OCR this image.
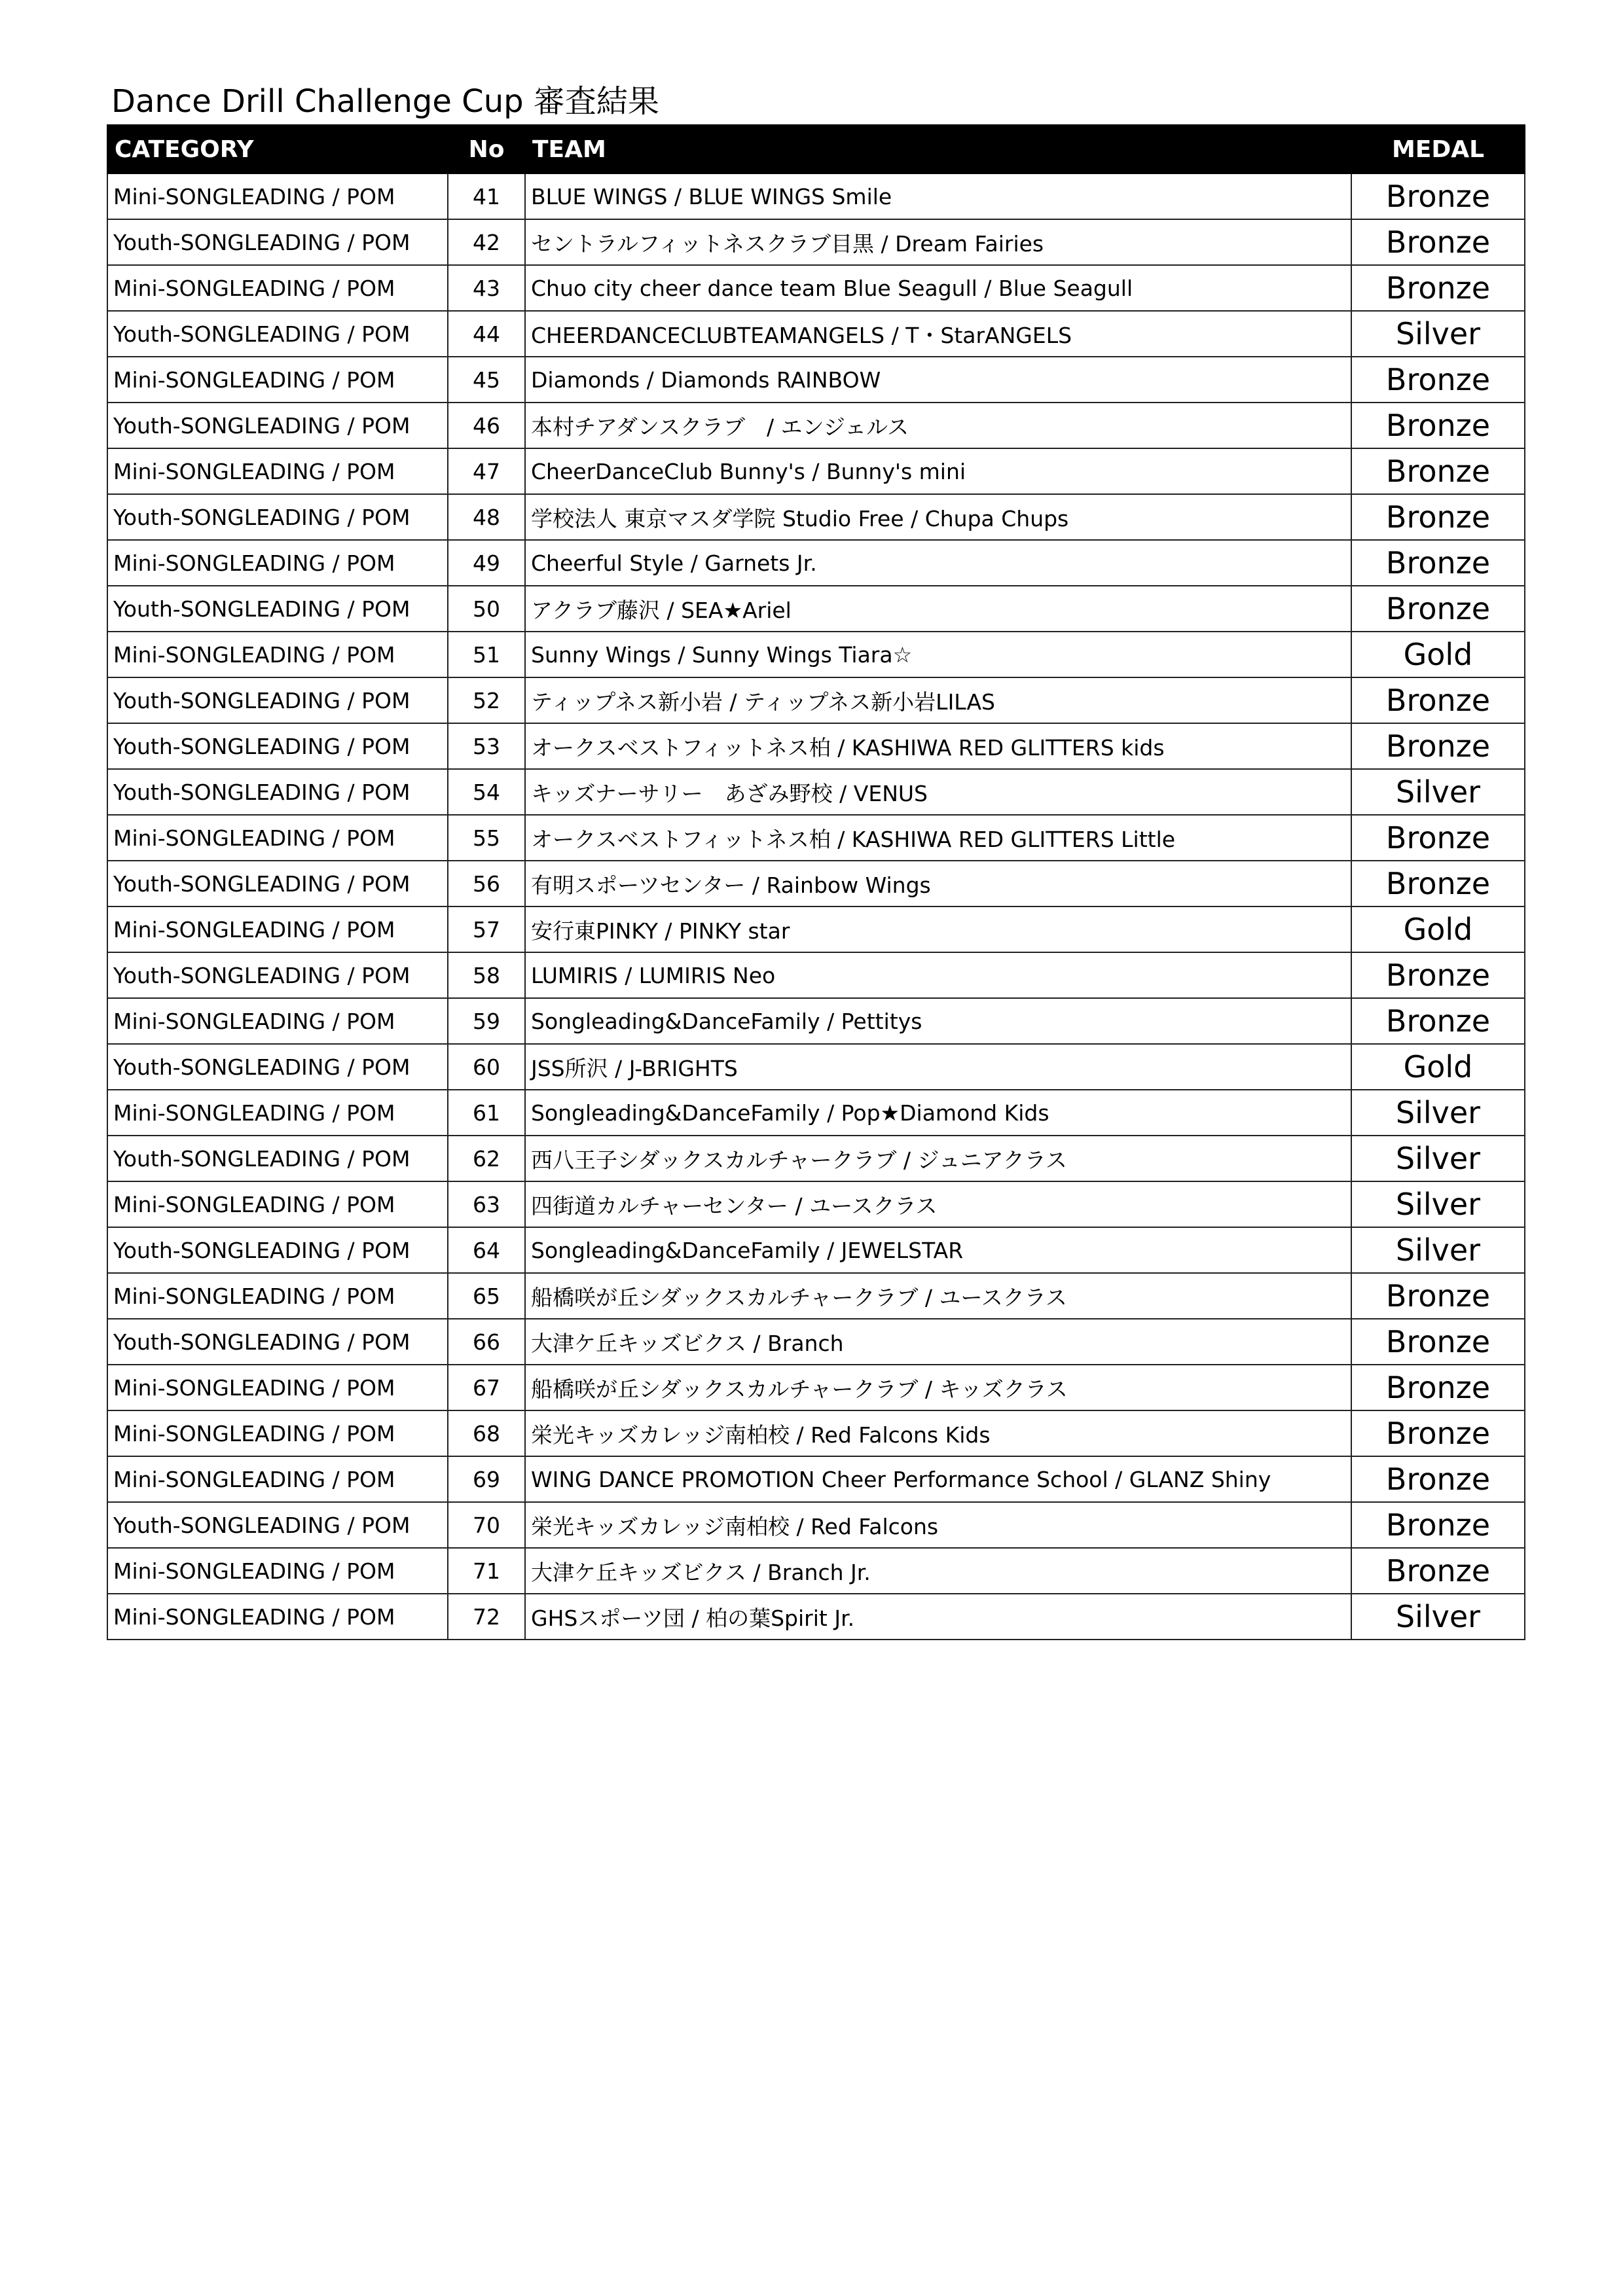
Dance Drill Challenge Cup 審査結果
CATEGORY	No	TEAM	MEDAL
Mini-SONGLEADING / POM	41	BLUE WINGS / BLUE WINGS Smile	Bronze
Youth-SONGLEADING / POM	42	セントラルフィットネスクラブ目黒 / Dream Fairies	Bronze
Mini-SONGLEADING / POM	43	Chuo city cheer dance team Blue Seagull / Blue Seagull	Bronze
Youth-SONGLEADING / POM	44	CHEERDANCECLUBTEAMANGELS / T・StarANGELS	Silver
Mini-SONGLEADING / POM	45	Diamonds / Diamonds RAINBOW	Bronze
Youth-SONGLEADING / POM	46	本村チアダンスクラブ　/ エンジェルス	Bronze
Mini-SONGLEADING / POM	47	CheerDanceClub Bunny's / Bunny's mini	Bronze
Youth-SONGLEADING / POM	48	学校法人 東京マスダ学院 Studio Free / Chupa Chups	Bronze
Mini-SONGLEADING / POM	49	Cheerful Style / Garnets Jr.	Bronze
Youth-SONGLEADING / POM	50	アクラブ藤沢 / SEA★Ariel	Bronze
Mini-SONGLEADING / POM	51	Sunny Wings / Sunny Wings Tiara☆	Gold
Youth-SONGLEADING / POM	52	ティップネス新小岩 / ティップネス新小岩LILAS	Bronze
Youth-SONGLEADING / POM	53	オークスベストフィットネス柏 / KASHIWA RED GLITTERS kids	Bronze
Youth-SONGLEADING / POM	54	キッズナーサリー　あざみ野校 / VENUS	Silver
Mini-SONGLEADING / POM	55	オークスベストフィットネス柏 / KASHIWA RED GLITTERS Little	Bronze
Youth-SONGLEADING / POM	56	有明スポーツセンター / Rainbow Wings	Bronze
Mini-SONGLEADING / POM	57	安行東PINKY / PINKY star	Gold
Youth-SONGLEADING / POM	58	LUMIRIS / LUMIRIS Neo	Bronze
Mini-SONGLEADING / POM	59	Songleading&DanceFamily / Pettitys	Bronze
Youth-SONGLEADING / POM	60	JSS所沢 / J-BRIGHTS	Gold
Mini-SONGLEADING / POM	61	Songleading&DanceFamily / Pop★Diamond Kids	Silver
Youth-SONGLEADING / POM	62	西八王子シダックスカルチャークラブ / ジュニアクラス	Silver
Mini-SONGLEADING / POM	63	四街道カルチャーセンター / ユースクラス	Silver
Youth-SONGLEADING / POM	64	Songleading&DanceFamily / JEWELSTAR	Silver
Mini-SONGLEADING / POM	65	船橋咲が丘シダックスカルチャークラブ / ユースクラス	Bronze
Youth-SONGLEADING / POM	66	大津ケ丘キッズビクス / Branch	Bronze
Mini-SONGLEADING / POM	67	船橋咲が丘シダックスカルチャークラブ / キッズクラス	Bronze
Mini-SONGLEADING / POM	68	栄光キッズカレッジ南柏校 / Red Falcons Kids	Bronze
Mini-SONGLEADING / POM	69	WING DANCE PROMOTION Cheer Performance School / GLANZ Shiny	Bronze
Youth-SONGLEADING / POM	70	栄光キッズカレッジ南柏校 / Red Falcons	Bronze
Mini-SONGLEADING / POM	71	大津ケ丘キッズビクス / Branch Jr.	Bronze
Mini-SONGLEADING / POM	72	GHSスポーツ団 / 柏の葉Spirit Jr.	Silver
